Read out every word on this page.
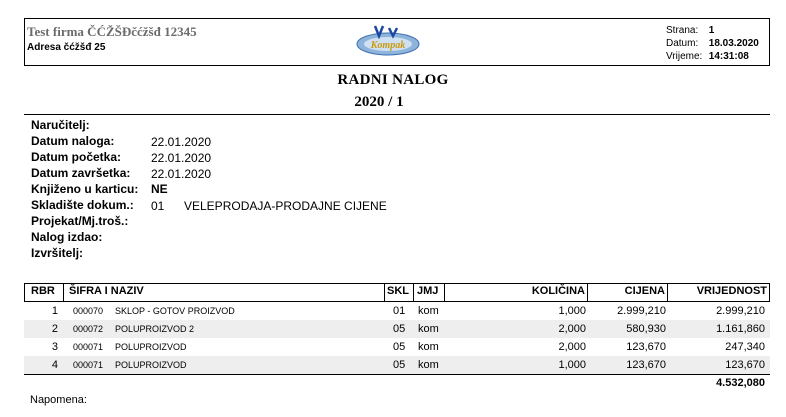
Test firma ČĆŽŠĐčćžšđ 12345
Adresa čćžšđ 25	Kompak
Strana: 1
Datum: 18.03.2020
Vrijeme: 14:31:08
RADNI NALOG
2020 / 1
Naručitelj:
Datum naloga:	22.01.2020
Datum početka: 22.01.2020
Datum završetka: 22.01.2020
Knjiženo u karticu: NE
Skladište dokum.: 01 VELEPRODAJA-PRODAJNE CIJENE
Projekat/Mj.troš.:
Nalog izdao:
Izvršitelj:
RBR ŠIFRA I NAZIV	SKL JMJ	KOLIČINA	CIJENA	VRIJEDNOST
1 000070 SKLOP - GOTOV PROIZVOD	01 kom	1,000	2.999,210	2.999,210
2 000072 POLUPROIZVOD 2	05 kom	2,000	580,930	1.161,860
3 000071 POLUPROIZVOD	05 kom	2,000	123,670	247,340
4 000071 POLUPROIZVOD	05 kom	1,000	123,670	123,670
4.532,080
Napomena:
